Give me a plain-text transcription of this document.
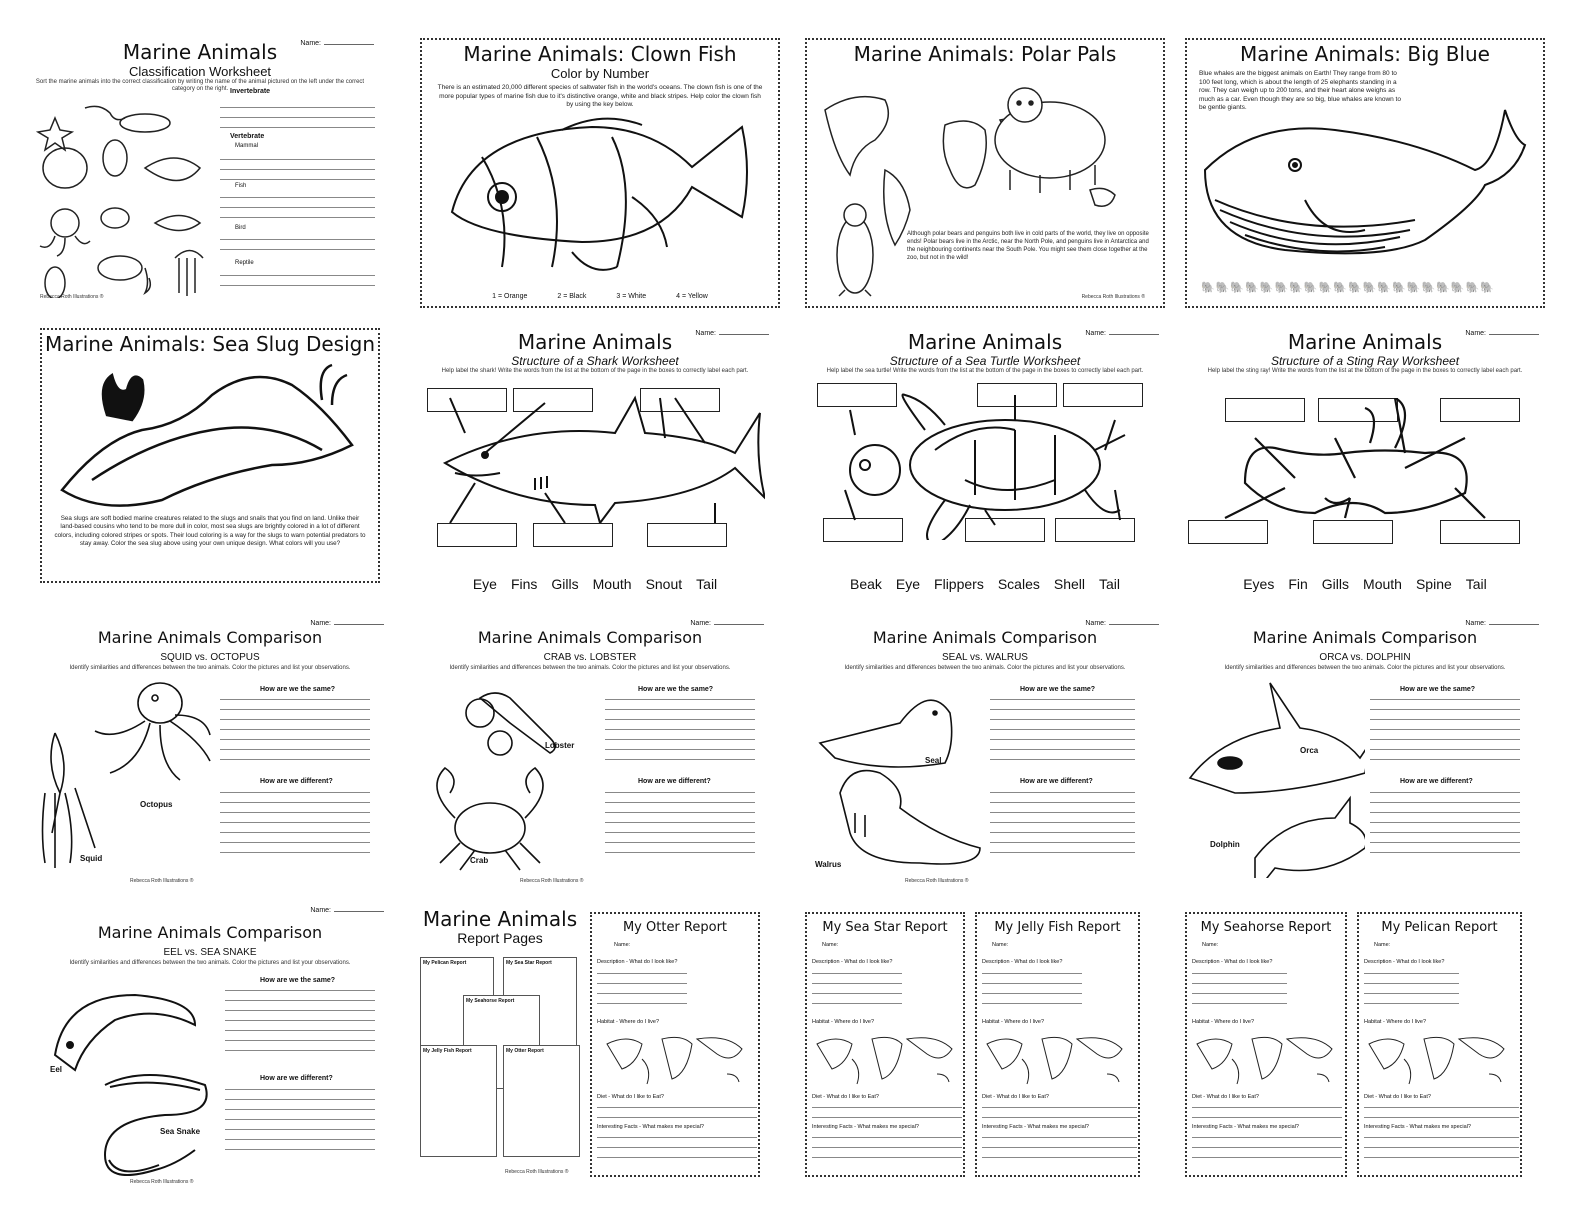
Name:
Marine Animals
Classification Worksheet
Sort the marine animals into the correct classification by writing the name of the animal pictured on the left under the correct category on the right. Invertebrate
Vertebrate
Mammal
Fish
Bird
Reptile
Rebecca Roth Illustrations ®
Marine Animals: Clown Fish
Color by Number
There is an estimated 20,000 different species of saltwater fish in the world's oceans. The clown fish is one of the more popular types of marine fish due to it's distinctive orange, white and black stripes. Help color the clown fish by using the key below.
1 = Orange	2 = Black	3 = White	4 = Yellow
Marine Animals: Polar Pals
Although polar bears and penguins both live in cold parts of the world, they live on opposite ends! Polar bears live in the Arctic, near the North Pole, and penguins live in Antarctica and the neighbouring continents near the South Pole. You might see them close together at the zoo, but not in the wild!
Rebecca Roth Illustrations ®
Marine Animals: Big Blue
Blue whales are the biggest animals on Earth! They range from 80 to 100 feet long, which is about the length of 25 elephants standing in a row. They can weigh up to 200 tons, and their heart alone weighs as much as a car. Even though they are so big, blue whales are known to be gentle giants.
🐘🐘🐘🐘🐘🐘🐘🐘🐘🐘🐘🐘🐘🐘🐘🐘🐘🐘🐘🐘
Marine Animals: Sea Slug Design
Sea slugs are soft bodied marine creatures related to the slugs and snails that you find on land. Unlike their land-based cousins who tend to be more dull in color, most sea slugs are brightly colored in a lot of different colors, including colored stripes or spots. Their loud coloring is a way for the slugs to warn potential predators to stay away. Color the sea slug above using your own unique design. What colors will you use?
Name:
Marine Animals
Structure of a Shark Worksheet
Help label the shark! Write the words from the list at the bottom of the page in the boxes to correctly label each part.
Eye Fins Gills Mouth Snout Tail
Name:
Marine Animals
Structure of a Sea Turtle Worksheet
Help label the sea turtle! Write the words from the list at the bottom of the page in the boxes to correctly label each part.
Beak Eye Flippers Scales Shell Tail
Name:
Marine Animals
Structure of a Sting Ray Worksheet
Help label the sting ray! Write the words from the list at the bottom of the page in the boxes to correctly label each part.
Eyes Fin Gills Mouth Spine Tail
Name:
Marine Animals Comparison
SQUID vs. OCTOPUS
Identify similarities and differences between the two animals. Color the pictures and list your observations.
Octopus
Squid
How are we the same?
How are we different?
Rebecca Roth Illustrations ®
Name:
Marine Animals Comparison
CRAB vs. LOBSTER
Identify similarities and differences between the two animals. Color the pictures and list your observations.
Lobster
Crab
How are we the same?
How are we different?
Rebecca Roth Illustrations ®
Name:
Marine Animals Comparison
SEAL vs. WALRUS
Identify similarities and differences between the two animals. Color the pictures and list your observations.
Seal
Walrus
How are we the same?
How are we different?
Rebecca Roth Illustrations ®
Name:
Marine Animals Comparison
ORCA vs. DOLPHIN
Identify similarities and differences between the two animals. Color the pictures and list your observations.
Orca
Dolphin
How are we the same?
How are we different?
Name:
Marine Animals Comparison
EEL vs. SEA SNAKE
Identify similarities and differences between the two animals. Color the pictures and list your observations.
Eel
Sea Snake
How are we the same?
How are we different?
Rebecca Roth Illustrations ®
Marine Animals
Report Pages
My Pelican Report	My Sea Star Report
My Seahorse Report
My Jelly Fish Report	My Otter Report
Rebecca Roth Illustrations ®
My Otter Report
Name:
Description - What do I look like?
Habitat - Where do I live?
Diet - What do I like to Eat?
Interesting Facts - What makes me special?
My Sea Star Report
Name:
Description - What do I look like?
Habitat - Where do I live?
Diet - What do I like to Eat?
Interesting Facts - What makes me special?
My Jelly Fish Report
Name:
Description - What do I look like?
Habitat - Where do I live?
Diet - What do I like to Eat?
Interesting Facts - What makes me special?
My Seahorse Report
Name:
Description - What do I look like?
Habitat - Where do I live?
Diet - What do I like to Eat?
Interesting Facts - What makes me special?
My Pelican Report
Name:
Description - What do I look like?
Habitat - Where do I live?
Diet - What do I like to Eat?
Interesting Facts - What makes me special?
